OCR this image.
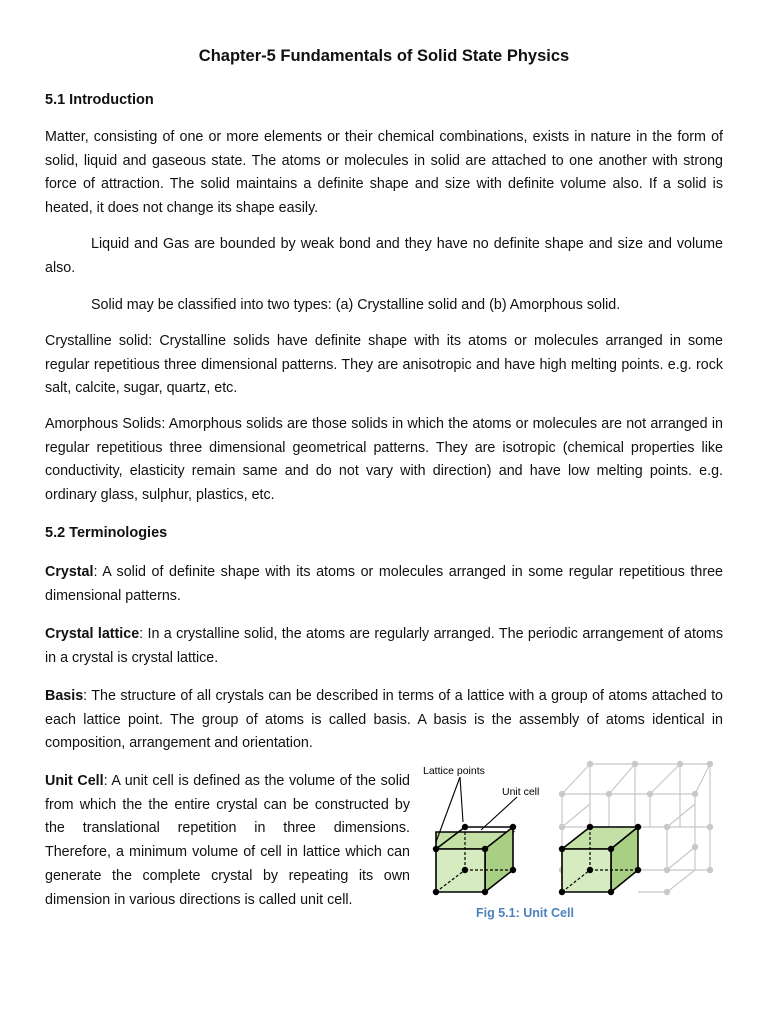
Chapter-5 Fundamentals of Solid State Physics
5.1 Introduction

Matter, consisting of one or more elements or their chemical combinations, exists in nature in the form of solid, liquid and gaseous state. The atoms or molecules in solid are attached to one another with strong force of attraction. The solid maintains a definite shape and size with definite volume also. If a solid is heated, it does not change its shape easily.

Liquid and Gas are bounded by weak bond and they have no definite shape and size and volume also.

Solid may be classified into two types: (a) Crystalline solid and (b) Amorphous solid.

Crystalline solid: Crystalline solids have definite shape with its atoms or molecules arranged in some regular repetitious three dimensional patterns. They are anisotropic and have high melting points. e.g. rock salt, calcite, sugar, quartz, etc.

Amorphous Solids: Amorphous solids are those solids in which the atoms or molecules are not arranged in regular repetitious three dimensional geometrical patterns. They are isotropic (chemical properties like conductivity, elasticity remain same and do not vary with direction) and have low melting points. e.g. ordinary glass, sulphur, plastics, etc.

5.2 Terminologies

Crystal: A solid of definite shape with its atoms or molecules arranged in some regular repetitious three dimensional patterns.

Crystal lattice: In a crystalline solid, the atoms are regularly arranged. The periodic arrangement of atoms in a crystal is crystal lattice.

Basis: The structure of all crystals can be described in terms of a lattice with a group of atoms attached to each lattice point. The group of atoms is called basis. A basis is the assembly of atoms identical in composition, arrangement and orientation.

Unit Cell: A unit cell is defined as the volume of the solid from which the the entire crystal can be constructed by the translational repetition in three dimensions. Therefore, a minimum volume of cell in lattice which can generate the complete crystal by repeating its own dimension in various directions is called unit cell.

Lattice points
Unit cell
Fig 5.1: Unit Cell
